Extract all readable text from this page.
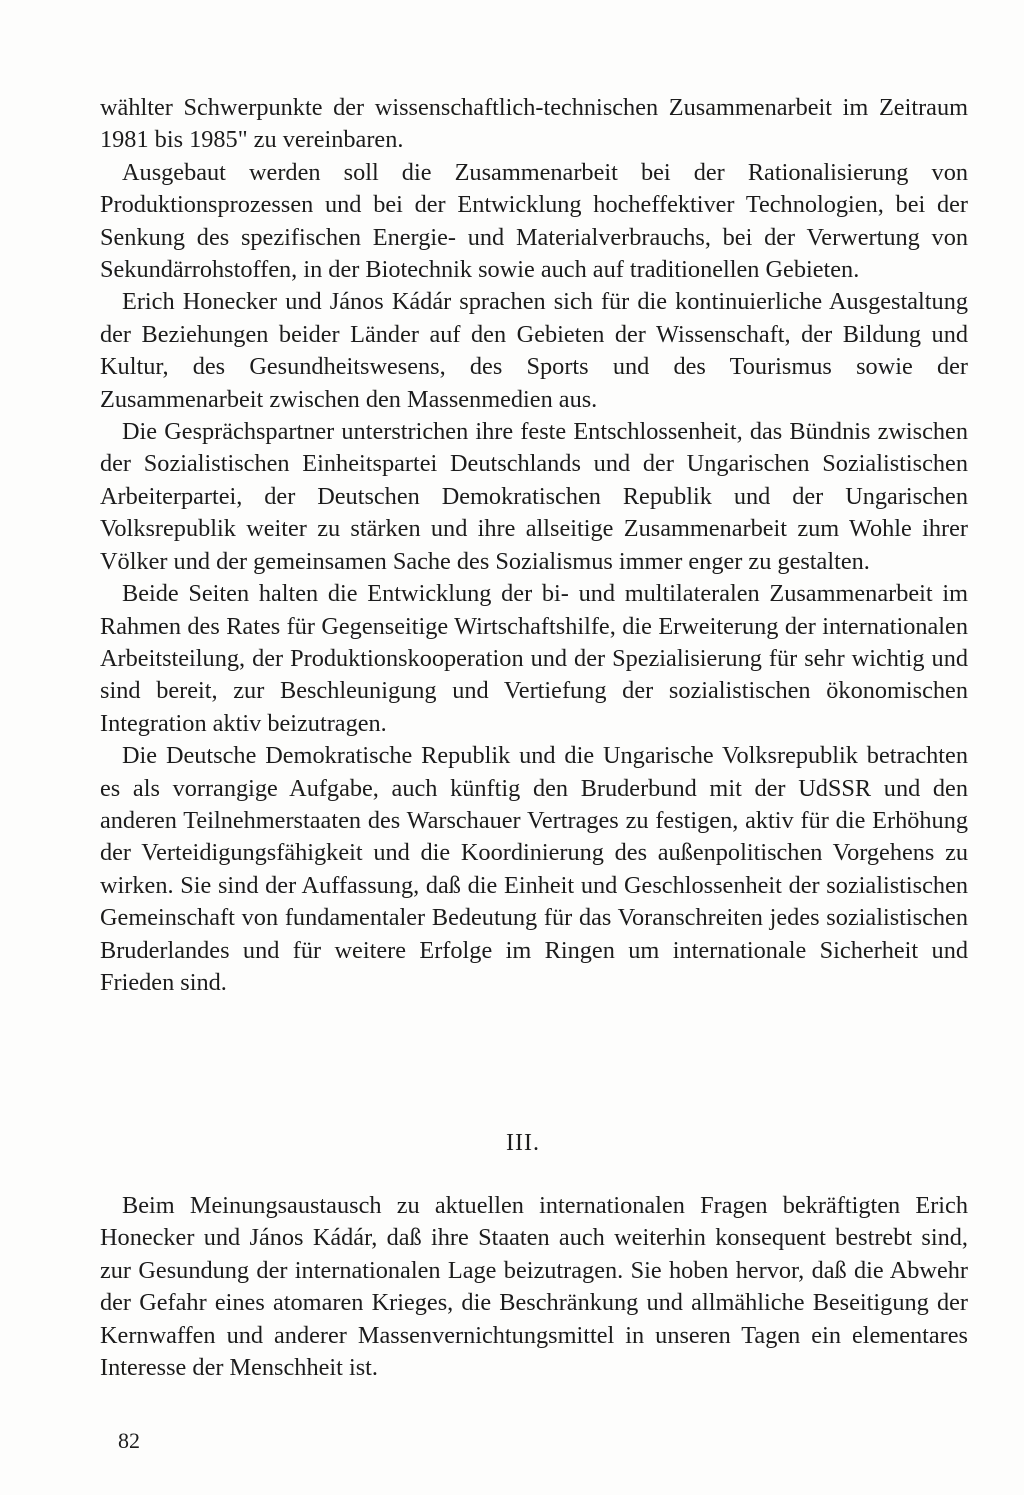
wählter Schwerpunkte der wissenschaftlich-technischen Zusammenarbeit im Zeitraum 1981 bis 1985" zu vereinbaren.

Ausgebaut werden soll die Zusammenarbeit bei der Rationalisierung von Produktionsprozessen und bei der Entwicklung hocheffektiver Technologien, bei der Senkung des spezifischen Energie- und Materialverbrauchs, bei der Verwertung von Sekundärrohstoffen, in der Biotechnik sowie auch auf traditionellen Gebieten.

Erich Honecker und János Kádár sprachen sich für die kontinuierliche Ausgestaltung der Beziehungen beider Länder auf den Gebieten der Wissenschaft, der Bildung und Kultur, des Gesundheitswesens, des Sports und des Tourismus sowie der Zusammenarbeit zwischen den Massenmedien aus.

Die Gesprächspartner unterstrichen ihre feste Entschlossenheit, das Bündnis zwischen der Sozialistischen Einheitspartei Deutschlands und der Ungarischen Sozialistischen Arbeiterpartei, der Deutschen Demokratischen Republik und der Ungarischen Volksrepublik weiter zu stärken und ihre allseitige Zusammenarbeit zum Wohle ihrer Völker und der gemeinsamen Sache des Sozialismus immer enger zu gestalten.

Beide Seiten halten die Entwicklung der bi- und multilateralen Zusammenarbeit im Rahmen des Rates für Gegenseitige Wirtschaftshilfe, die Erweiterung der internationalen Arbeitsteilung, der Produktionskooperation und der Spezialisierung für sehr wichtig und sind bereit, zur Beschleunigung und Vertiefung der sozialistischen ökonomischen Integration aktiv beizutragen.

Die Deutsche Demokratische Republik und die Ungarische Volksrepublik betrachten es als vorrangige Aufgabe, auch künftig den Bruderbund mit der UdSSR und den anderen Teilnehmerstaaten des Warschauer Vertrages zu festigen, aktiv für die Erhöhung der Verteidigungsfähigkeit und die Koordinierung des außenpolitischen Vorgehens zu wirken. Sie sind der Auffassung, daß die Einheit und Geschlossenheit der sozialistischen Gemeinschaft von fundamentaler Bedeutung für das Voranschreiten jedes sozialistischen Bruderlandes und für weitere Erfolge im Ringen um internationale Sicherheit und Frieden sind.

III.

Beim Meinungsaustausch zu aktuellen internationalen Fragen bekräftigten Erich Honecker und János Kádár, daß ihre Staaten auch weiterhin konsequent bestrebt sind, zur Gesundung der internationalen Lage beizutragen. Sie hoben hervor, daß die Abwehr der Gefahr eines atomaren Krieges, die Beschränkung und allmähliche Beseitigung der Kernwaffen und anderer Massenvernichtungsmittel in unseren Tagen ein elementares Interesse der Menschheit ist.

82
